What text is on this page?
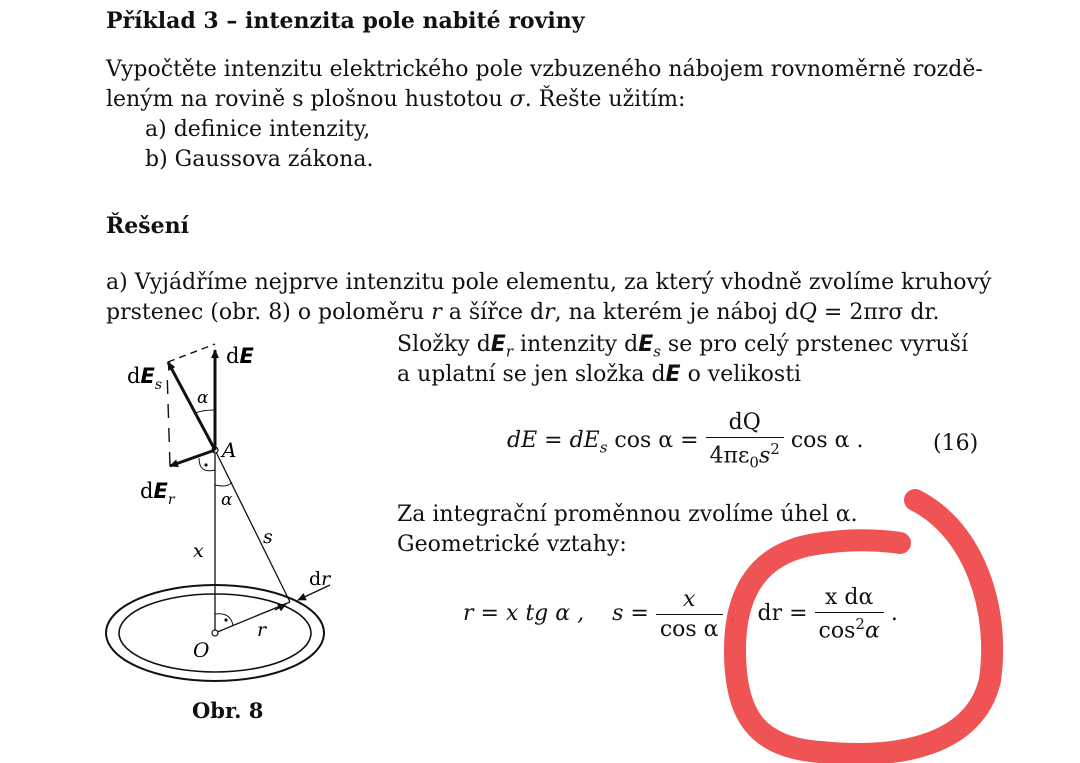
Příklad 3 – intenzita pole nabité roviny
Vypočtěte intenzitu elektrického pole vzbuzeného nábojem rovnoměrně rozdě-
leným na rovině s plošnou hustotou σ. Řešte užitím:
a) definice intenzity,
b) Gaussova zákona.
Řešení
a) Vyjádříme nejprve intenzitu pole elementu, za který vhodně zvolíme kruhový
prstenec (obr. 8) o poloměru r a šířce dr, na kterém je náboj dQ = 2πrσ dr.
Složky $dE_r$ intenzity $dE_s$ se pro celý prstenec vyruší
a uplatní se jen složka dE o velikosti
dE = $dE_s$ $\cos \alpha = \frac{dQ}{4\pi\varepsilon_0s^2}$ cos α .	(16)
Za integrační proměnnou zvolíme úhel α.
Geometrické vztahy:
r = x tg α , $s = \frac{x}{\text{cos α}}$ , dr = $\frac{\text{x dα}}{\cos^2\alpha}$ .
dE
$dE_s$
$dE_r$
α
α
A
O
x
s
r
dr
Obr. 8
